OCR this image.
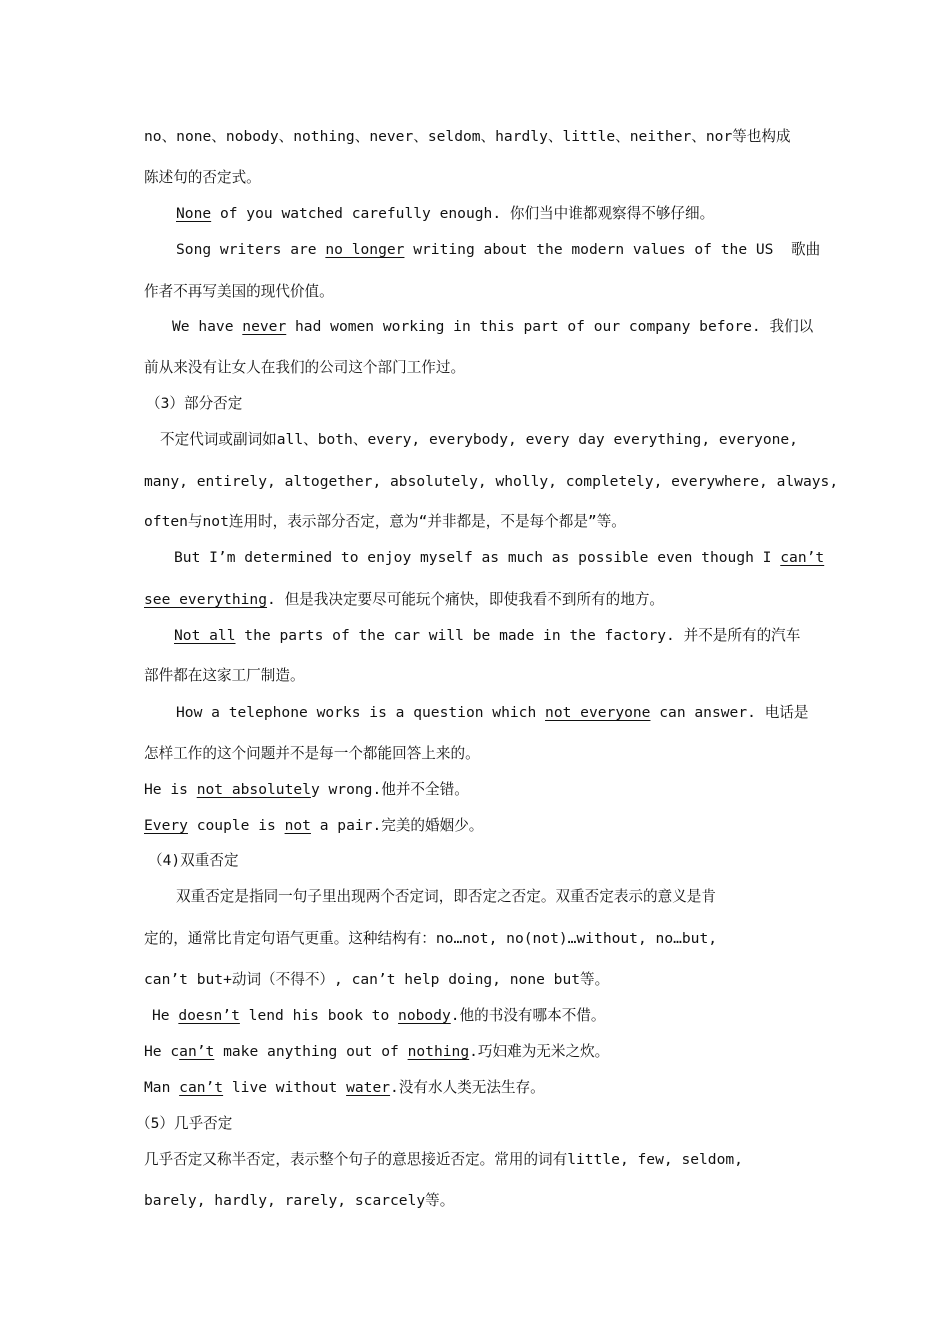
no、none、nobody、nothing、never、seldom、hardly、little、neither、nor等也构成
陈述句的否定式。
None of you watched carefully enough. 你们当中谁都观察得不够仔细。
Song writers are no longer writing about the modern values of the US  歌曲
作者不再写美国的现代价值。
We have never had women working in this part of our company before. 我们以
前从来没有让女人在我们的公司这个部门工作过。
（3）部分否定
不定代词或副词如all、both、every, everybody, every day everything, everyone,
many, entirely, altogether, absolutely, wholly, completely, everywhere, always,
often与not连用时，表示部分否定，意为“并非都是，不是每个都是”等。
But I’m determined to enjoy myself as much as possible even though I can’t
see everything. 但是我决定要尽可能玩个痛快，即使我看不到所有的地方。
Not all the parts of the car will be made in the factory. 并不是所有的汽车
部件都在这家工厂制造。
How a telephone works is a question which not everyone can answer. 电话是
怎样工作的这个问题并不是每一个都能回答上来的。
He is not absolutely wrong.他并不全错。
Every couple is not a pair.完美的婚姻少。
（4)双重否定
双重否定是指同一句子里出现两个否定词，即否定之否定。双重否定表示的意义是肯
定的，通常比肯定句语气更重。这种结构有：no…not, no(not)…without, no…but,
can’t but+动词（不得不）, can’t help doing, none but等。
He doesn’t lend his book to nobody.他的书没有哪本不借。
He can’t make anything out of nothing.巧妇难为无米之炊。
Man can’t live without water.没有水人类无法生存。
（5）几乎否定
几乎否定又称半否定，表示整个句子的意思接近否定。常用的词有little, few, seldom,
barely, hardly, rarely, scarcely等。
